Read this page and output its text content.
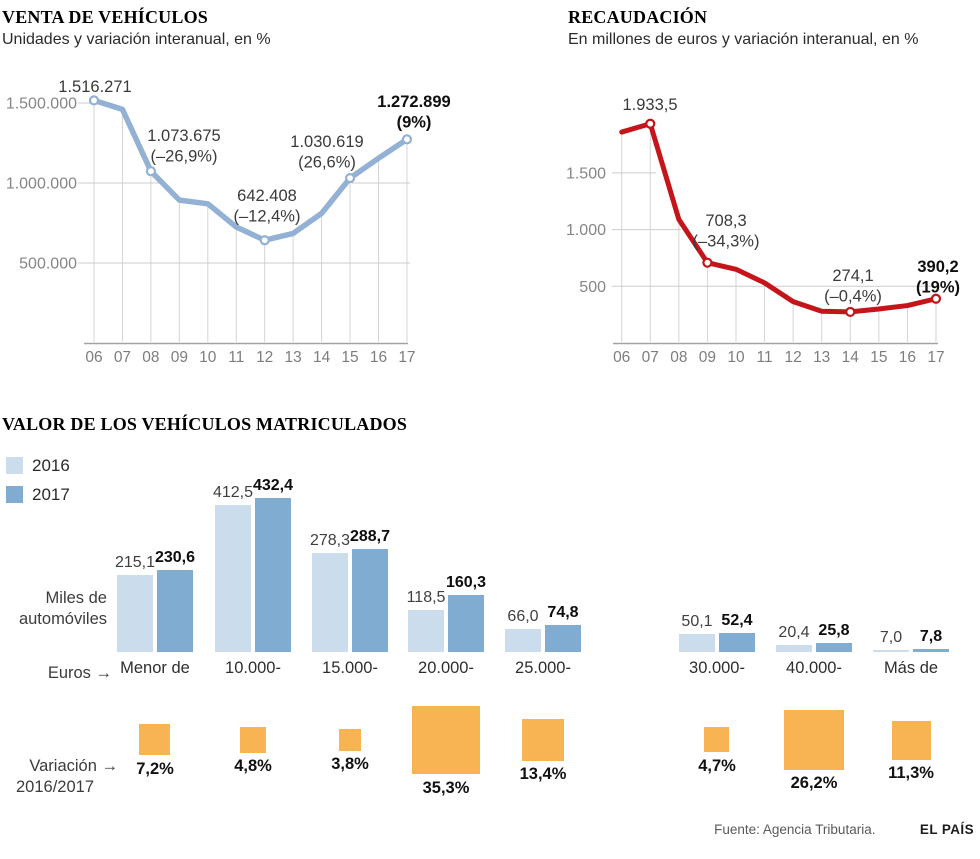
1.500.000
1.000.000
500.000
06 07 08 09 10 11 12 13 14 15 16 17
1.516.271
1.073.675
(–26,9%)
642.408
(–12,4%)
1.030.619
(26,6%)
1.272.899
(9%)
1.500
1.000
500
06 07 08 09 10 11 12 13 14 15 16 17
1.933,5
708,3
(–34,3%)
274,1
(–0,4%)
390,2
(19%)
VENTA DE VEHÍCULOS

Unidades y variación interanual, en %

RECAUDACIÓN

En millones de euros y variación interanual, en %

VALOR DE LOS VEHÍCULOS MATRICULADOS
2016
2017
Miles de
automóviles
Euros →
Variación →
2016/2017
215,1 230,6
Menor de

7,2%
412,5 432,4
10.000-

4,8%
278,3 288,7
15.000-

3,8%
118,5
160,3
20.000-

35,3%
66,0 74,8
25.000-

13,4%
50,1 52,4
30.000-

4,7%
20,4 25,8
40.000-

26,2%
7,0 7,8
Más de

11,3%
Fuente: Agencia Tributaria.	EL PAÍS
